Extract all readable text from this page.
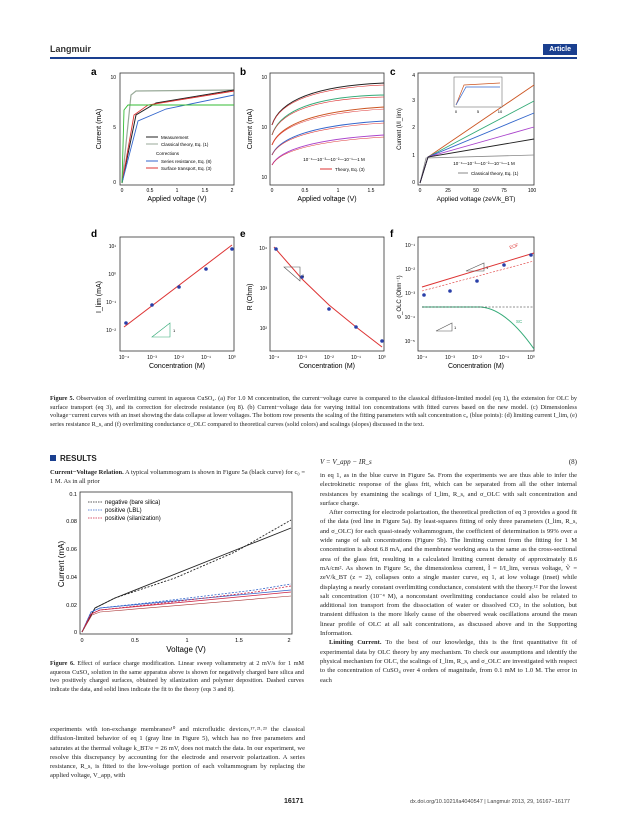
Langmuir	Article
a
Current (mA)
10
5
0
0	0.5	1	1.5	2
Applied voltage (V)
Measurement
Classical theory, Eq. (1)
Corrections
Series resistance, Eq. (8)
Surface transport, Eq. (3)
b
Current (mA)
10
10
10
0	0.5	1	1.5
Applied voltage (V)
10⁻⁴—10⁻³—10⁻²—10⁻¹—1 M
Theory, Eq. (3)
c
Current (I/I_lim)
0
1
2
3
4
0	25	50	75	100
Applied voltage (zeV/k_BT)
0	5	10
10⁻⁴—10⁻³—10⁻²—10⁻¹—1 M
Classical theory, Eq. (1)
d
I_lim (mA)
10¹
10⁰
10⁻¹
10⁻²
10⁻⁴	10⁻³	10⁻²	10⁻¹	10⁰
Concentration (M)
1
e
R (Ohm)
10⁴
10³
10²
10⁻⁴	10⁻³	10⁻²	10⁻¹	10⁰
Concentration (M)
1
f
σ_OLC (Ohm⁻¹)
10⁻¹
10⁻²
10⁻³
10⁻⁴
10⁻⁵
10⁻⁴	10⁻³	10⁻²	10⁻¹	10⁰
Concentration (M)
1
EOF
SC
1
Figure 5. Observation of overlimiting current in aqueous CuSO₄. (a) For 1.0 M concentration, the current−voltage curve is compared to the classical diffusion-limited model (eq 1), the extension for OLC by surface transport (eq 3), and its correction for electrode resistance (eq 8). (b) Current−voltage data for varying initial ion concentrations with fitted curves based on the new model. (c) Dimensionless voltage−current curves with an inset showing the data collapse at lower voltages. The bottom row presents the scaling of the fitting parameters with salt concentration c₀ (blue points): (d) limiting current I_lim, (e) series resistance R_s, and (f) overlimiting conductance σ_OLC compared to theoretical curves (solid colors) and scalings (slopes) discussed in the text.
RESULTS

Current−Voltage Relation. A typical voltammogram is shown in Figure 5a (black curve) for c₀ = 1 M. As in all prior

Current (mA)
0
0.02
0.04
0.06
0.08
0.1
0	0.5	1	1.5	2
Voltage (V)
negative (bare silica)
positive (LBL)
positive (silanization)
Figure 6. Effect of surface charge modification. Linear sweep voltammetry at 2 mV/s for 1 mM aqueous CuSO₄ solution in the same apparatus above is shown for negatively charged bare silica and two positively charged surfaces, obtained by silanization and polymer deposition. Dashed curves indicate the data, and solid lines indicate the fit to the theory (eqs 3 and 8).

experiments with ion-exchange membranes¹⁰ and microfluidic devices,¹⁷˒²¹˒²³ the classical diffusion-limited behavior of eq 1 (gray line in Figure 5), which has no free parameters and saturates at the thermal voltage k_BT/e = 26 mV, does not match the data. In our experiment, we resolve this discrepancy by accounting for the electrode and reservoir polarization. A series resistance, R_s, is fitted to the low-voltage portion of each voltammogram by replacing the applied voltage, V_app, with

V = V_app − IR_s	(8)

in eq 1, as in the blue curve in Figure 5a. From the experiments we are thus able to infer the electrokinetic response of the glass frit, which can be separated from all the other internal resistances by examining the scalings of I_lim, R_s, and σ_OLC with salt concentration and surface charge.

After correcting for electrode polarization, the theoretical prediction of eq 3 provides a good fit of the data (red line in Figure 5a). By least-squares fitting of only three parameters (I_lim, R_s, and σ_OLC) for each quasi-steady voltammogram, the coefficient of determination is 99% over a wide range of salt concentrations (Figure 5b). The limiting current from the fitting for 1 M concentration is about 6.8 mA, and the membrane working area is the same as the cross-sectional area of the glass frit, resulting in a calculated limiting current density of approximately 8.6 mA/cm². As shown in Figure 5c, the dimensionless current, Ĩ = I/I_lim, versus voltage, Ṽ = zeV/k_BT (z = 2), collapses onto a single master curve, eq 1, at low voltage (inset) while displaying a nearly constant overlimiting conductance, consistent with the theory.¹² For the lowest salt concentration (10⁻⁴ M), a nonconstant overlimiting conductance could also be related to additional ion transport from the dissociation of water or dissolved CO₂ in the solution, but transient diffusion is the more likely cause of the observed weak oscillations around the mean linear profile of OLC at all salt concentrations, as discussed above and in the Supporting Information.

Limiting Current. To the best of our knowledge, this is the first quantitative fit of experimental data by OLC theory by any mechanism. To check our assumptions and identify the physical mechanism for OLC, the scalings of I_lim, R_s, and σ_OLC are investigated with respect to the concentration of CuSO₄ over 4 orders of magnitude, from 0.1 mM to 1.0 M. The error in each

16171	dx.doi.org/10.1021/la4040547 | Langmuir 2013, 29, 16167−16177
